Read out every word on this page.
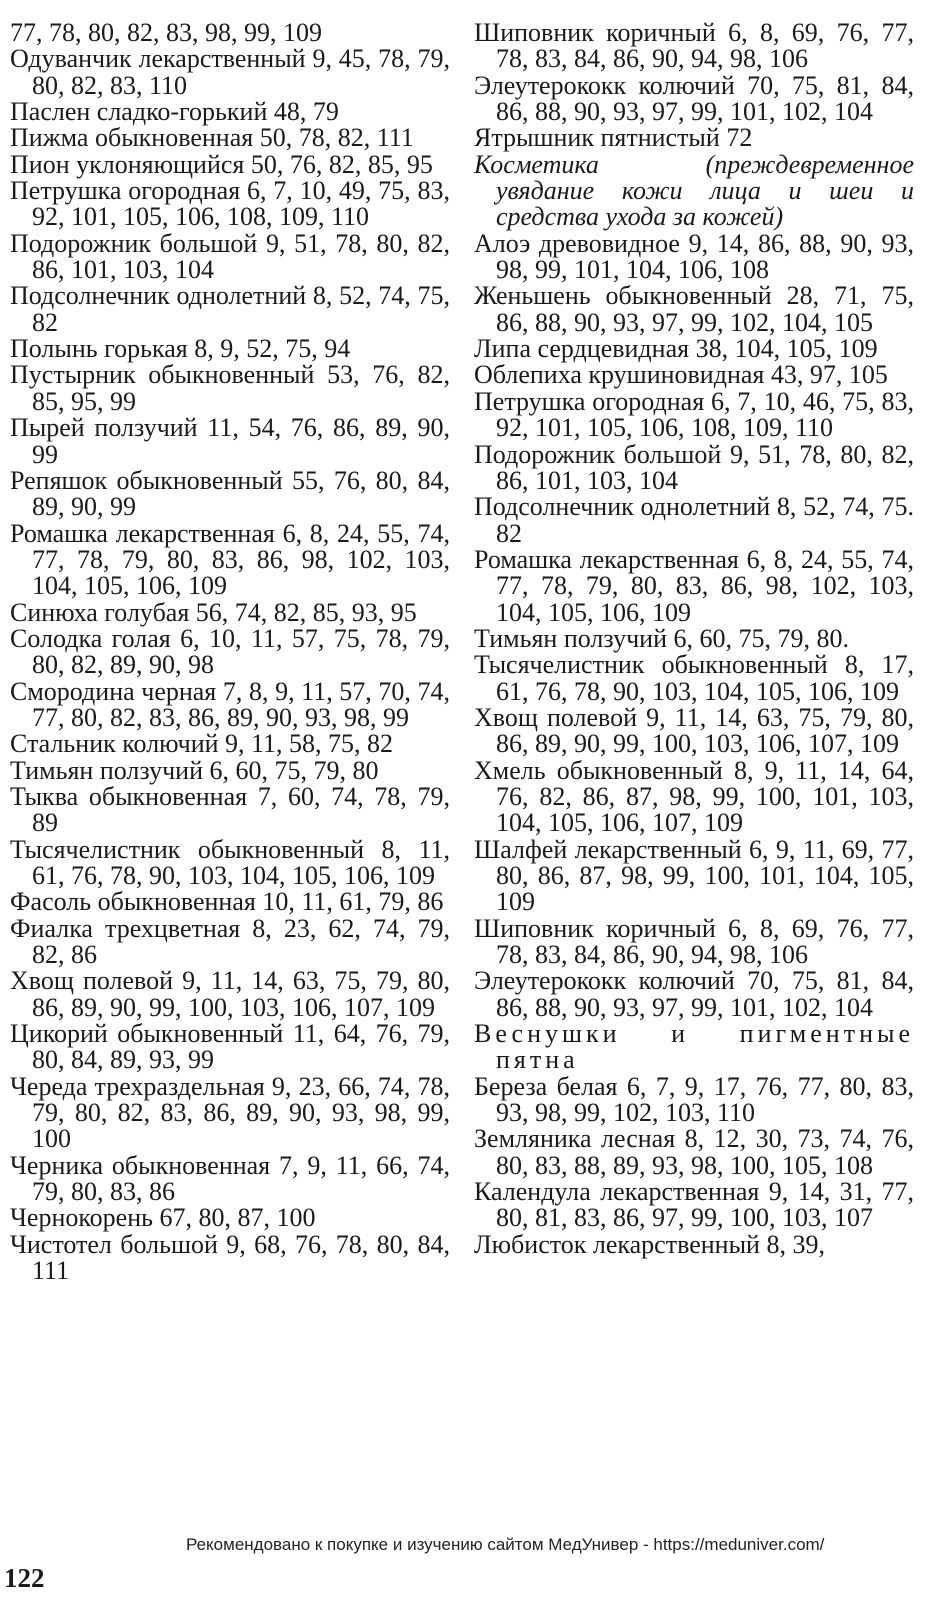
77, 78, 80, 82, 83, 98, 99, 109
Одуванчик лекарственный 9, 45, 78, 79, 80, 82, 83, 110
Паслен сладко-горький 48, 79
Пижма обыкновенная 50, 78, 82, 111
Пион уклоняющийся 50, 76, 82, 85, 95
Петрушка огородная 6, 7, 10, 49, 75, 83, 92, 101, 105, 106, 108, 109, 110
Подорожник большой 9, 51, 78, 80, 82, 86, 101, 103, 104
Подсолнечник однолетний 8, 52, 74, 75, 82
Полынь горькая 8, 9, 52, 75, 94
Пустырник обыкновенный 53, 76, 82, 85, 95, 99
Пырей ползучий 11, 54, 76, 86, 89, 90, 99
Репяшок обыкновенный 55, 76, 80, 84, 89, 90, 99
Ромашка лекарственная 6, 8, 24, 55, 74, 77, 78, 79, 80, 83, 86, 98, 102, 103, 104, 105, 106, 109
Синюха голубая 56, 74, 82, 85, 93, 95
Солодка голая 6, 10, 11, 57, 75, 78, 79, 80, 82, 89, 90, 98
Смородина черная 7, 8, 9, 11, 57, 70, 74, 77, 80, 82, 83, 86, 89, 90, 93, 98, 99
Стальник колючий 9, 11, 58, 75, 82
Тимьян ползучий 6, 60, 75, 79, 80
Тыква обыкновенная 7, 60, 74, 78, 79, 89
Тысячелистник обыкновенный 8, 11, 61, 76, 78, 90, 103, 104, 105, 106, 109
Фасоль обыкновенная 10, 11, 61, 79, 86
Фиалка трехцветная 8, 23, 62, 74, 79, 82, 86
Хвощ полевой 9, 11, 14, 63, 75, 79, 80, 86, 89, 90, 99, 100, 103, 106, 107, 109
Цикорий обыкновенный 11, 64, 76, 79, 80, 84, 89, 93, 99
Череда трехраздельная 9, 23, 66, 74, 78, 79, 80, 82, 83, 86, 89, 90, 93, 98, 99, 100
Черника обыкновенная 7, 9, 11, 66, 74, 79, 80, 83, 86
Чернокорень 67, 80, 87, 100
Чистотел большой 9, 68, 76, 78, 80, 84, 111
Шиповник коричный 6, 8, 69, 76, 77, 78, 83, 84, 86, 90, 94, 98, 106
Элеутерококк колючий 70, 75, 81, 84, 86, 88, 90, 93, 97, 99, 101, 102, 104
Ятрышник пятнистый 72
Косметика (преждевременное увядание кожи лица и шеи и средства ухода за кожей)
Алоэ древовидное 9, 14, 86, 88, 90, 93, 98, 99, 101, 104, 106, 108
Женьшень обыкновенный 28, 71, 75, 86, 88, 90, 93, 97, 99, 102, 104, 105
Липа сердцевидная 38, 104, 105, 109
Облепиха крушиновидная 43, 97, 105
Петрушка огородная 6, 7, 10, 46, 75, 83, 92, 101, 105, 106, 108, 109, 110
Подорожник большой 9, 51, 78, 80, 82, 86, 101, 103, 104
Подсолнечник однолетний 8, 52, 74, 75. 82
Ромашка лекарственная 6, 8, 24, 55, 74, 77, 78, 79, 80, 83, 86, 98, 102, 103, 104, 105, 106, 109
Тимьян ползучий 6, 60, 75, 79, 80.
Тысячелистник обыкновенный 8, 17, 61, 76, 78, 90, 103, 104, 105, 106, 109
Хвощ полевой 9, 11, 14, 63, 75, 79, 80, 86, 89, 90, 99, 100, 103, 106, 107, 109
Хмель обыкновенный 8, 9, 11, 14, 64, 76, 82, 86, 87, 98, 99, 100, 101, 103, 104, 105, 106, 107, 109
Шалфей лекарственный 6, 9, 11, 69, 77, 80, 86, 87, 98, 99, 100, 101, 104, 105, 109
Шиповник коричный 6, 8, 69, 76, 77, 78, 83, 84, 86, 90, 94, 98, 106
Элеутерококк колючий 70, 75, 81, 84, 86, 88, 90, 93, 97, 99, 101, 102, 104
Веснушки и пигментные пятна
Береза белая 6, 7, 9, 17, 76, 77, 80, 83, 93, 98, 99, 102, 103, 110
Земляника лесная 8, 12, 30, 73, 74, 76, 80, 83, 88, 89, 93, 98, 100, 105, 108
Календула лекарственная 9, 14, 31, 77, 80, 81, 83, 86, 97, 99, 100, 103, 107
Любисток лекарственный 8, 39,
Рекомендовано к покупке и изучению сайтом МедУнивер - https://meduniver.com/
122
